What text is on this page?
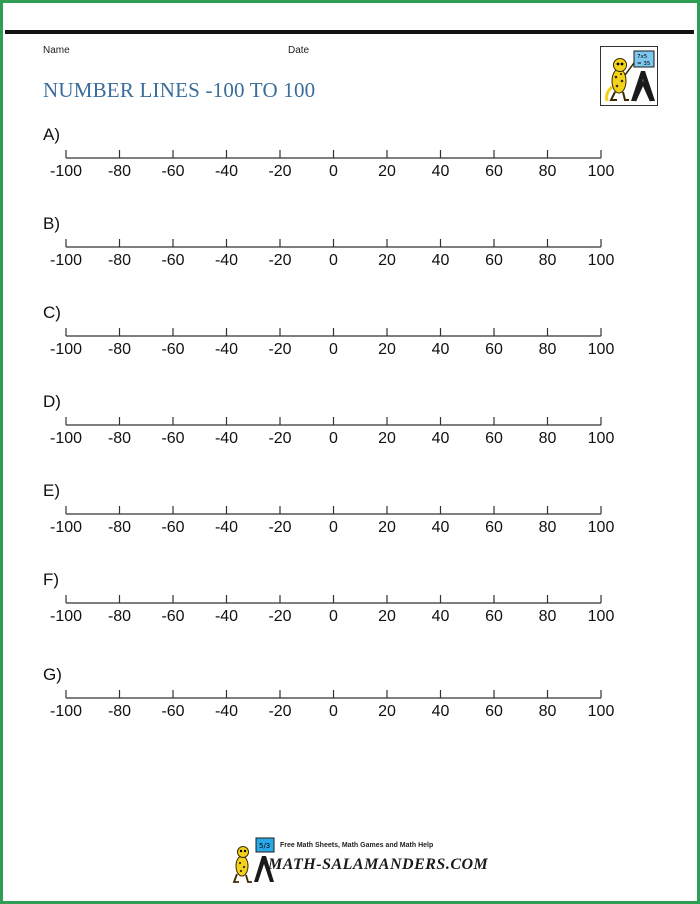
Name	Date
NUMBER LINES -100 TO 100
7x5
= 35
-100 -80 -60 -40 -20 0	20 40 60 80 100
A)
-100 -80 -60 -40 -20 0	20 40 60 80 100
B)
-100 -80 -60 -40 -20 0	20 40 60 80 100
C)
-100 -80 -60 -40 -20 0	20 40 60 80 100
D)
-100 -80 -60 -40 -20 0	20 40 60 80 100
E)
-100 -80 -60 -40 -20 0	20 40 60 80 100
F)
-100 -80 -60 -40 -20 0	20 40 60 80 100
G)
5/3 Free Math Sheets, Math Games and Math Help
MATH-SALAMANDERS.COM
